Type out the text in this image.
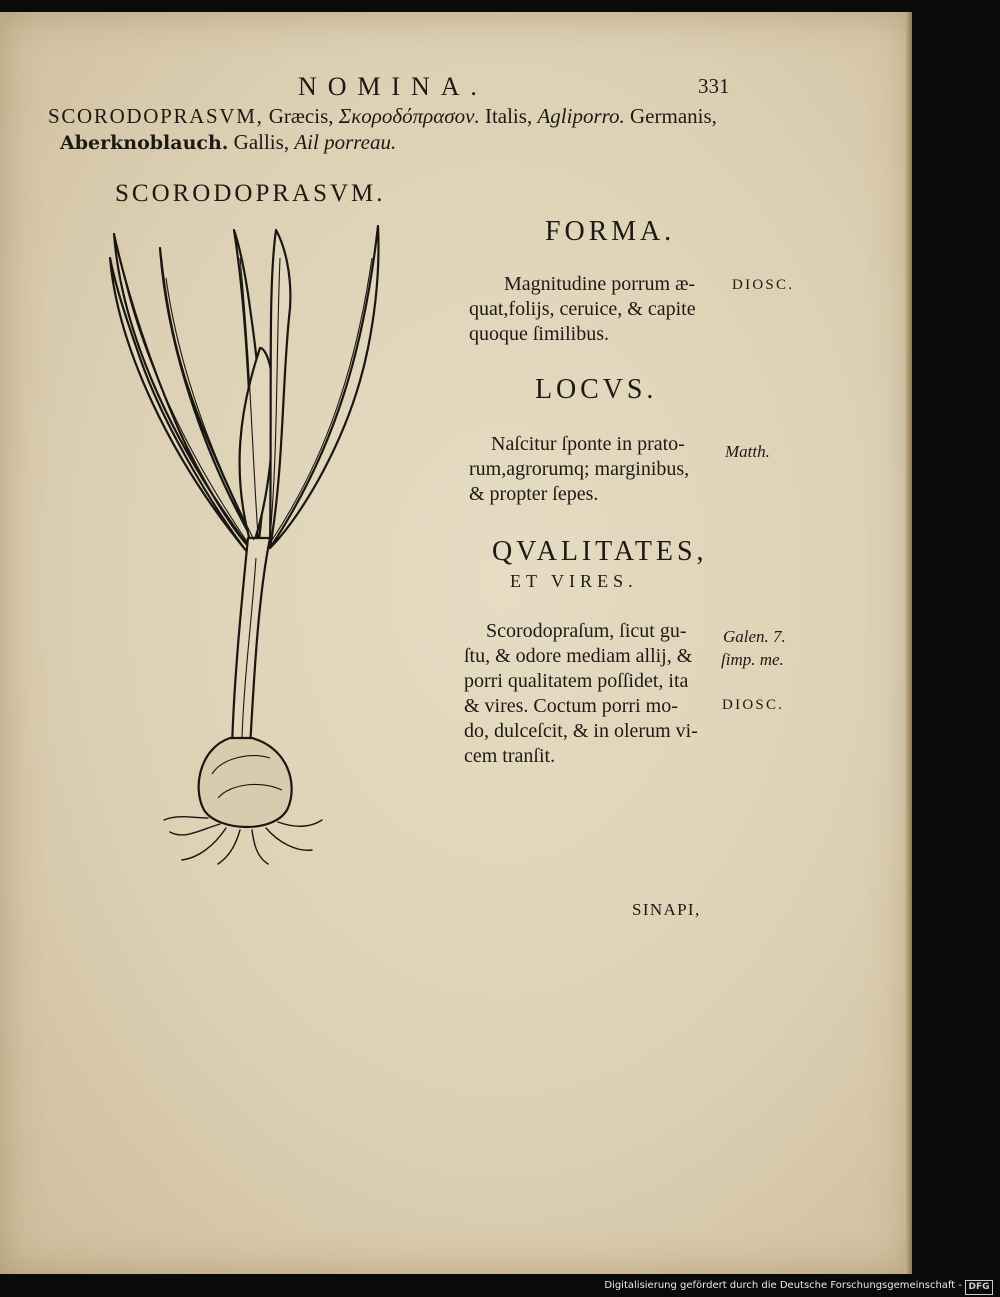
NOMINA.	331
SCORODOPRASVM, Græcis, Σκοροδόπρασον. Italis, Agliporro. Germanis,
Aberknoblauch. Gallis, Ail porreau.
SCORODOPRASVM.
FORMA.
Magnitudine porrum æ-
quat,folijs, ceruice, & capite
quoque ſimilibus.
DIOSC.
LOCVS.
Naſcitur ſponte in prato-
rum,agrorumq; marginibus,
& propter ſepes.
Matth.
QVALITATES,
ET VIRES.
Scorodopraſum, ſicut gu-
ſtu, & odore mediam allij, &
porri qualitatem poſſidet, ita
& vires. Coctum porri mo-
do, dulceſcit, & in olerum vi-
cem tranſit.
Galen. 7.
ſimp. me.
DIOSC.
SINAPI,
Digitalisierung gefördert durch die Deutsche Forschungsgemeinschaft - DFG
